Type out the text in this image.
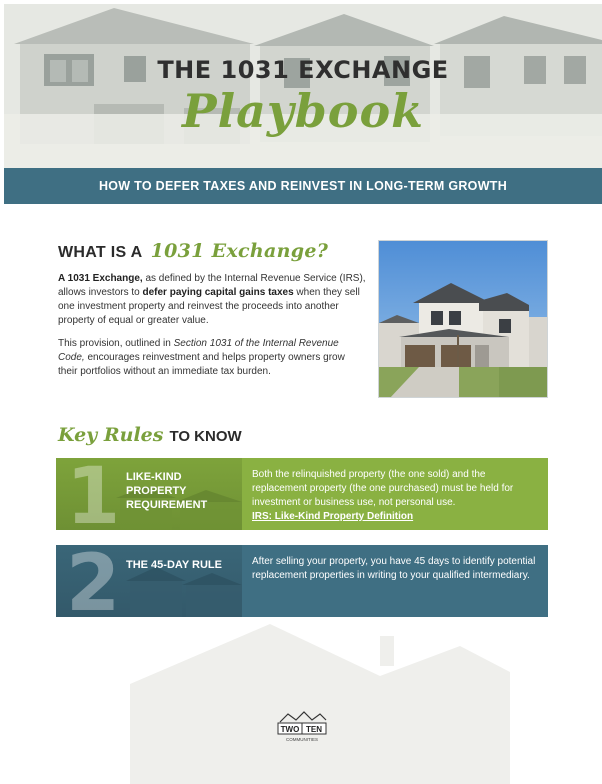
THE 1031 EXCHANGE
Playbook
HOW TO DEFER TAXES AND REINVEST IN LONG-TERM GROWTH
WHAT IS A 1031 Exchange?

A 1031 Exchange, as defined by the Internal Revenue Service (IRS), allows investors to defer paying capital gains taxes when they sell one investment property and reinvest the proceeds into another property of equal or greater value.

This provision, outlined in Section 1031 of the Internal Revenue Code, encourages reinvestment and helps property owners grow their portfolios without an immediate tax burden.

Key Rules TO KNOW
1 LIKE-KIND PROPERTY REQUIREMENT
Both the relinquished property (the one sold) and the replacement property (the one purchased) must be held for investment or business use, not personal use.
IRS: Like-Kind Property Definition
2 THE 45-DAY RULE	After selling your property, you have 45 days to identify potential replacement properties in writing to your qualified intermediary.
TWO TEN
COMMUNITIES
